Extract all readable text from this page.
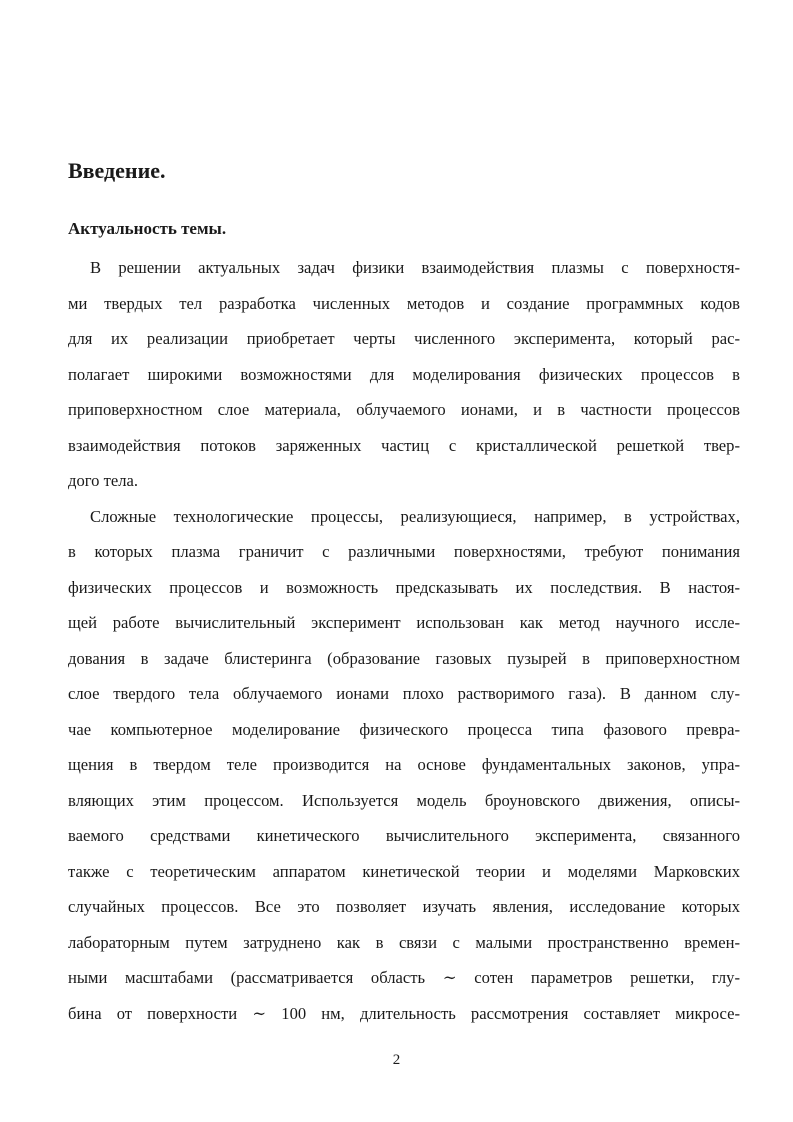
Введение.
Актуальность темы.
В решении актуальных задач физики взаимодействия плазмы с поверхностя-
ми твердых тел разработка численных методов и создание программных кодов
для их реализации приобретает черты численного эксперимента, который рас-
полагает широкими возможностями для моделирования физических процессов в
приповерхностном слое материала, облучаемого ионами, и в частности процессов
взаимодействия потоков заряженных частиц с кристаллической решеткой твер-
дого тела.
Сложные технологические процессы, реализующиеся, например, в устройствах,
в которых плазма граничит с различными поверхностями, требуют понимания
физических процессов и возможность предсказывать их последствия. В настоя-
щей работе вычислительный эксперимент использован как метод научного иссле-
дования в задаче блистеринга (образование газовых пузырей в приповерхностном
слое твердого тела облучаемого ионами плохо растворимого газа). В данном слу-
чае компьютерное моделирование физического процесса типа фазового превра-
щения в твердом теле производится на основе фундаментальных законов, упра-
вляющих этим процессом. Используется модель броуновского движения, описы-
ваемого средствами кинетического вычислительного эксперимента, связанного
также с теоретическим аппаратом кинетической теории и моделями Марковских
случайных процессов. Все это позволяет изучать явления, исследование которых
лабораторным путем затруднено как в связи с малыми пространственно времен-
ными масштабами (рассматривается область ∼ сотен параметров решетки, глу-
бина от поверхности ∼ 100 нм, длительность рассмотрения составляет микросе-
2
